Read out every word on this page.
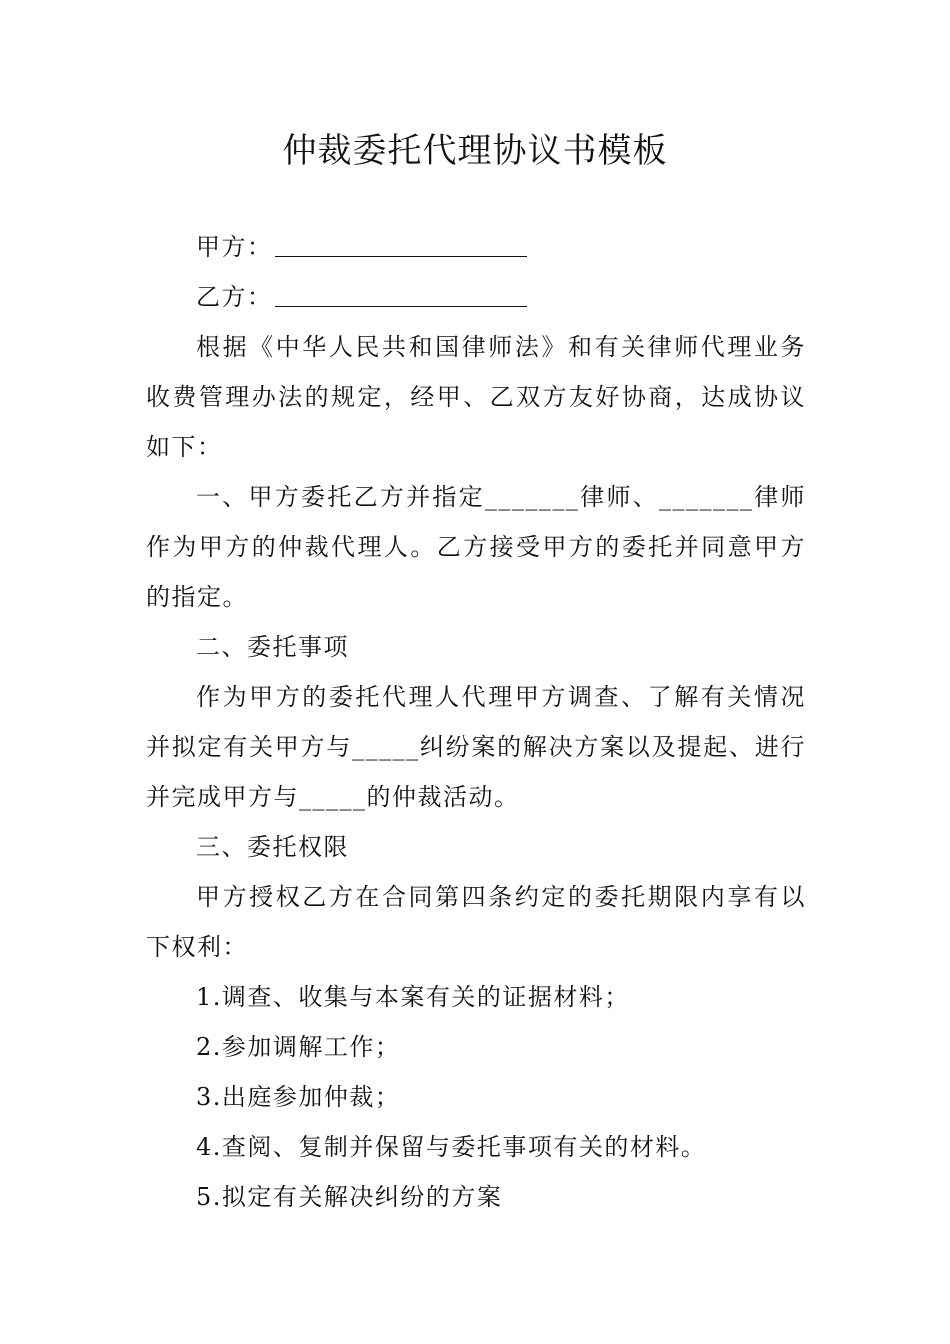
仲裁委托代理协议书模板

甲方：

乙方：

根据《中华人民共和国律师法》和有关律师代理业务收费管理办法的规定，经甲、乙双方友好协商，达成协议如下：

一、甲方委托乙方并指定_______律师、_______律师作为甲方的仲裁代理人。乙方接受甲方的委托并同意甲方的指定。

二、委托事项

作为甲方的委托代理人代理甲方调查、了解有关情况并拟定有关甲方与_____纠纷案的解决方案以及提起、进行并完成甲方与_____的仲裁活动。

三、委托权限

甲方授权乙方在合同第四条约定的委托期限内享有以下权利：

1.调查、收集与本案有关的证据材料；

2.参加调解工作；

3.出庭参加仲裁；

4.查阅、复制并保留与委托事项有关的材料。

5.拟定有关解决纠纷的方案
